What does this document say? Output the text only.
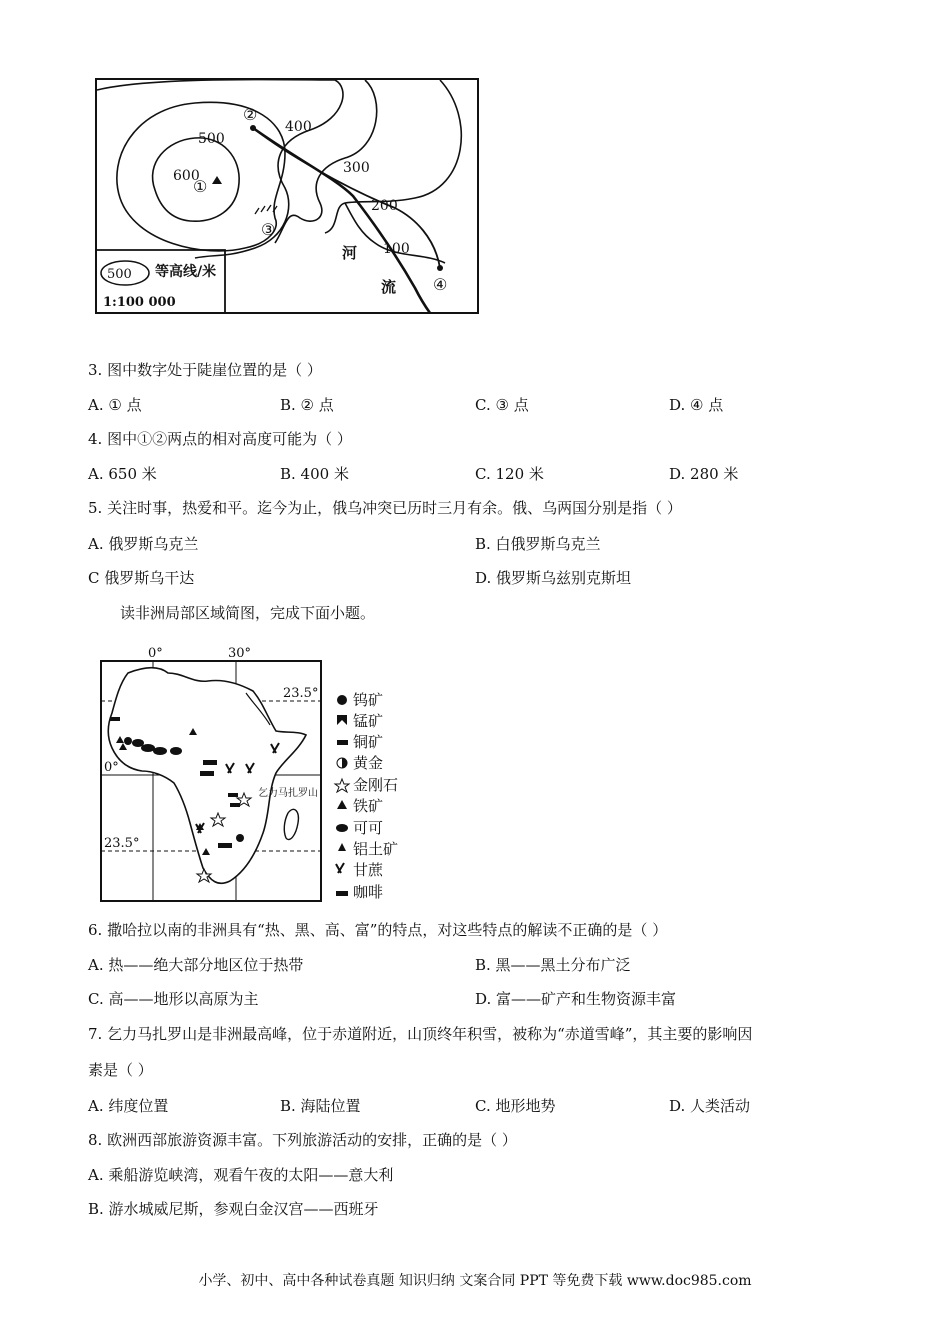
500
600
400
300
200
100
①
②
③
④
河
流
500 等高线/米
1:100 000
3. 图中数字处于陡崖位置的是（ ）
A. ① 点	B. ② 点	C. ③ 点	D. ④ 点
4. 图中①②两点的相对高度可能为（ ）
A. 650 米	B. 400 米	C. 120 米	D. 280 米
5. 关注时事，热爱和平。迄今为止，俄乌冲突已历时三月有余。俄、乌两国分别是指（ ）
A. 俄罗斯乌克兰	B. 白俄罗斯乌克兰
C 俄罗斯乌干达	D. 俄罗斯乌兹别克斯坦
读非洲局部区域简图，完成下面小题。
0°	30°
23.5°
0°
23.5°
乞力马扎罗山
钨矿
锰矿
铜矿
黄金
金刚石
铁矿
可可
铝土矿
甘蔗
咖啡
6. 撒哈拉以南的非洲具有“热、黑、高、富”的特点，对这些特点的解读不正确的是（ ）
A. 热——绝大部分地区位于热带	B. 黑——黑土分布广泛
C. 高——地形以高原为主	D. 富——矿产和生物资源丰富
7. 乞力马扎罗山是非洲最高峰，位于赤道附近，山顶终年积雪，被称为“赤道雪峰”，其主要的影响因
素是（ ）
A. 纬度位置	B. 海陆位置	C. 地形地势	D. 人类活动
8. 欧洲西部旅游资源丰富。下列旅游活动的安排，正确的是（ ）
A. 乘船游览峡湾，观看午夜的太阳——意大利
B. 游水城威尼斯，参观白金汉宫——西班牙
小学、初中、高中各种试卷真题 知识归纳 文案合同 PPT 等免费下载 www.doc985.com
